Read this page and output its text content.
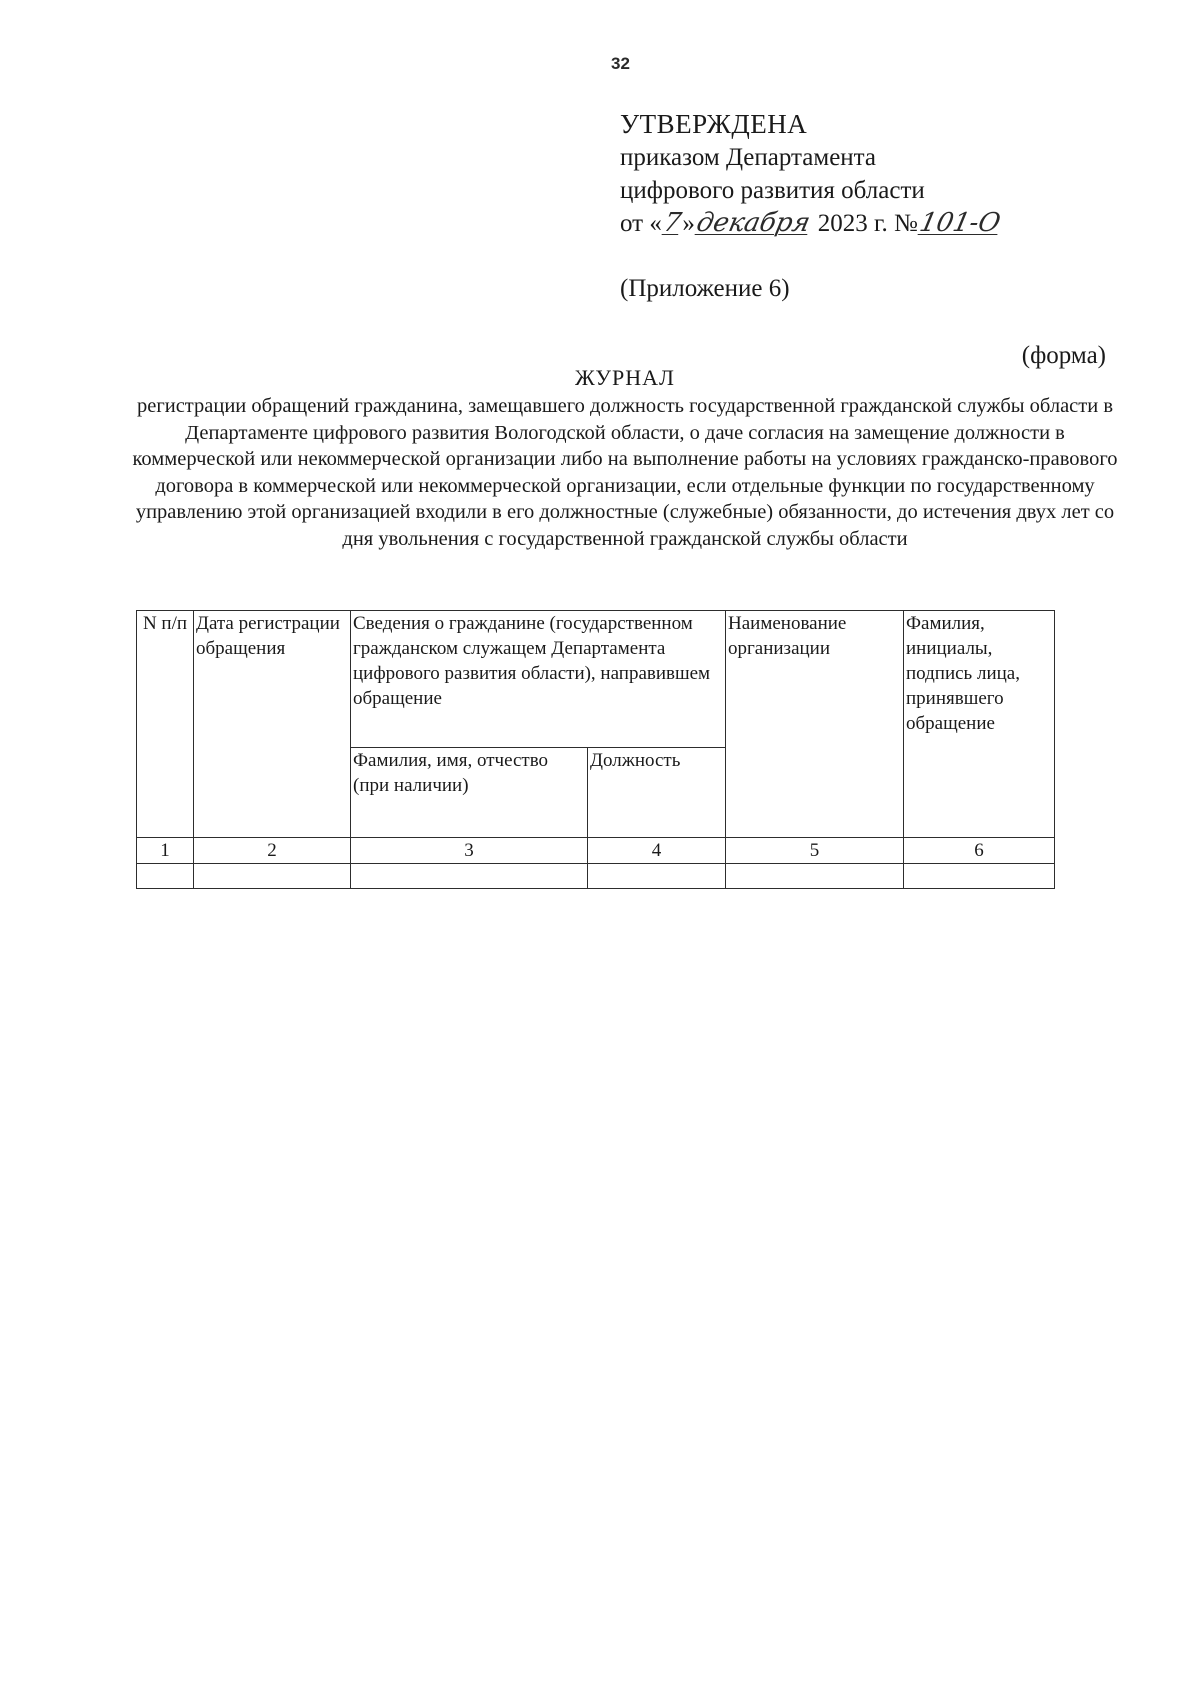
32
УТВЕРЖДЕНА
приказом Департамента
цифрового развития области
от «7»декабря 2023 г. №101-О
(Приложение 6)
(форма)
ЖУРНАЛ
регистрации обращений гражданина, замещавшего должность государственной гражданской службы области в Департаменте цифрового развития Вологодской области, о даче согласия на замещение должности в коммерческой или некоммерческой организации либо на выполнение работы на условиях гражданско-правового договора в коммерческой или некоммерческой организации, если отдельные функции по государственному управлению этой организацией входили в его должностные (служебные) обязанности, до истечения двух лет со дня увольнения с государственной гражданской службы области
N п/п	Дата регистрации обращения	Сведения о гражданине (государственном гражданском служащем Департамента цифрового развития области), направившем обращение		Наименование организации	Фамилия, инициалы, подпись лица, принявшего обращение
		Фамилия, имя, отчество (при наличии)	Должность		
1	2	3	4	5	6
